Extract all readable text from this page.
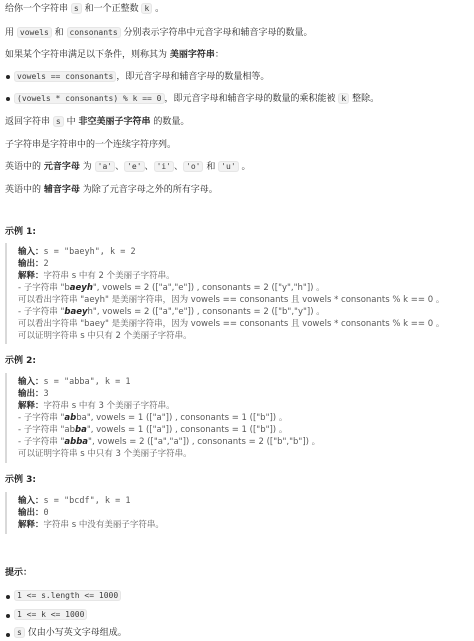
给你一个字符串 s 和一个正整数 k 。
用 vowels 和 consonants 分别表示字符串中元音字母和辅音字母的数量。
如果某个字符串满足以下条件，则称其为 美丽字符串：
vowels == consonants ，即元音字母和辅音字母的数量相等。
(vowels * consonants) % k == 0 ，即元音字母和辅音字母的数量的乘积能被 k 整除。
返回字符串 s 中 非空美丽子字符串 的数量。
子字符串是字符串中的一个连续字符序列。
英语中的 元音字母 为 'a' 、 'e' 、 'i' 、 'o' 和 'u' 。
英语中的 辅音字母 为除了元音字母之外的所有字母。
示例 1:
输入：s = "baeyh", k = 2
输出：2
解释：字符串 s 中有 2 个美丽子字符串。
- 子字符串 "baeyh", vowels = 2 (["a","e"]) , consonants = 2 (["y","h"]) 。
可以看出字符串 "aeyh" 是美丽字符串，因为 vowels == consonants 且 vowels * consonants % k == 0 。
- 子字符串 "baeyh", vowels = 2 (["a","e"]) , consonants = 2 (["b","y"]) 。
可以看出字符串 "baey" 是美丽字符串，因为 vowels == consonants 且 vowels * consonants % k == 0 。
可以证明字符串 s 中只有 2 个美丽子字符串。
示例 2:
输入：s = "abba", k = 1
输出：3
解释：字符串 s 中有 3 个美丽子字符串。
- 子字符串 "abba", vowels = 1 (["a"]) , consonants = 1 (["b"]) 。
- 子字符串 "abba", vowels = 1 (["a"]) , consonants = 1 (["b"]) 。
- 子字符串 "abba", vowels = 2 (["a","a"]) , consonants = 2 (["b","b"]) 。
可以证明字符串 s 中只有 3 个美丽子字符串。
示例 3:
输入：s = "bcdf", k = 1
输出：0
解释：字符串 s 中没有美丽子字符串。
提示：
1 <= s.length <= 1000
1 <= k <= 1000
s 仅由小写英文字母组成。
